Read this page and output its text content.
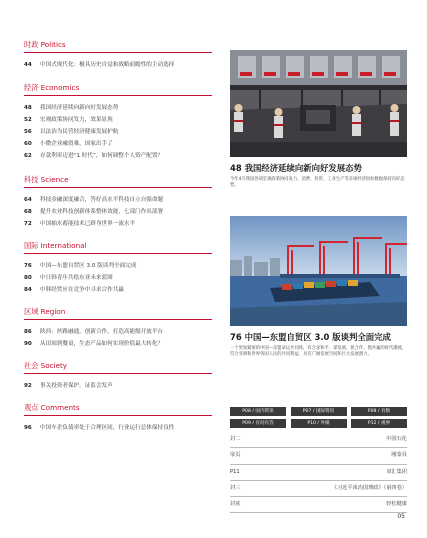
时政 Politics
44	中国式现代化：极具历史自觉和战略前瞻性的主动选择
经济 Economics
48	我国经济延续向新向好发展态势
52	宏观政策协同发力，效果显现
56	以法治为民营经济健康发展护航
60	小微企业融资难，国家出手了
62	存款利率迈进“1 时代”，如何调整个人资产配置？
科技 Science
64	科技金融深度融合，答好高水平科技自立自强命题
68	提升农业科技创新体系整体效能，七部门作出部署
72	中国抽水蓄能技术已跻身世界一流水平
国际 International
76	中国—东盟自贸区 3.0 版谈判全面完成
80	中日韩青年共绘东亚未来蓝图
84	中韩经贸应在竞争中寻求合作共赢
区域 Region
86	陕西：丝路融通，创新合作，打造高能级开放平台
90	从田间到餐桌，生态产品如何实现价值最大转化？
社会 Society
92	事关投资者保护，证监会发声
观点 Comments
96	中国车企负债率处于合理区间，行业运行总体保持良性
48 我国经济延续向新向好发展态势
今年4月我国各项宏观政策协同发力，消费、投资、工业生产等多项经济指标数据保持向好态势。
76 中国—东盟自贸区 3.0 版谈判全面完成
一个更加紧密的中国—东盟命运共同体，符合求和平、谋发展、促合作、图共赢的时代潮流，符合亚洲和世界各国人民的共同利益，具有广阔发展空间和巨大发展潜力。
P08 / 国内资讯	P07 / 国际资讯	P08 / 有数
P09 / 有问有答	P10 / 外媒	P12 / 视界
封二	中国石化
扉页	刚泰县
P11	双汇集团
封三	《习近平谈治国理政》（第四卷）
封底	轻松健康
05
